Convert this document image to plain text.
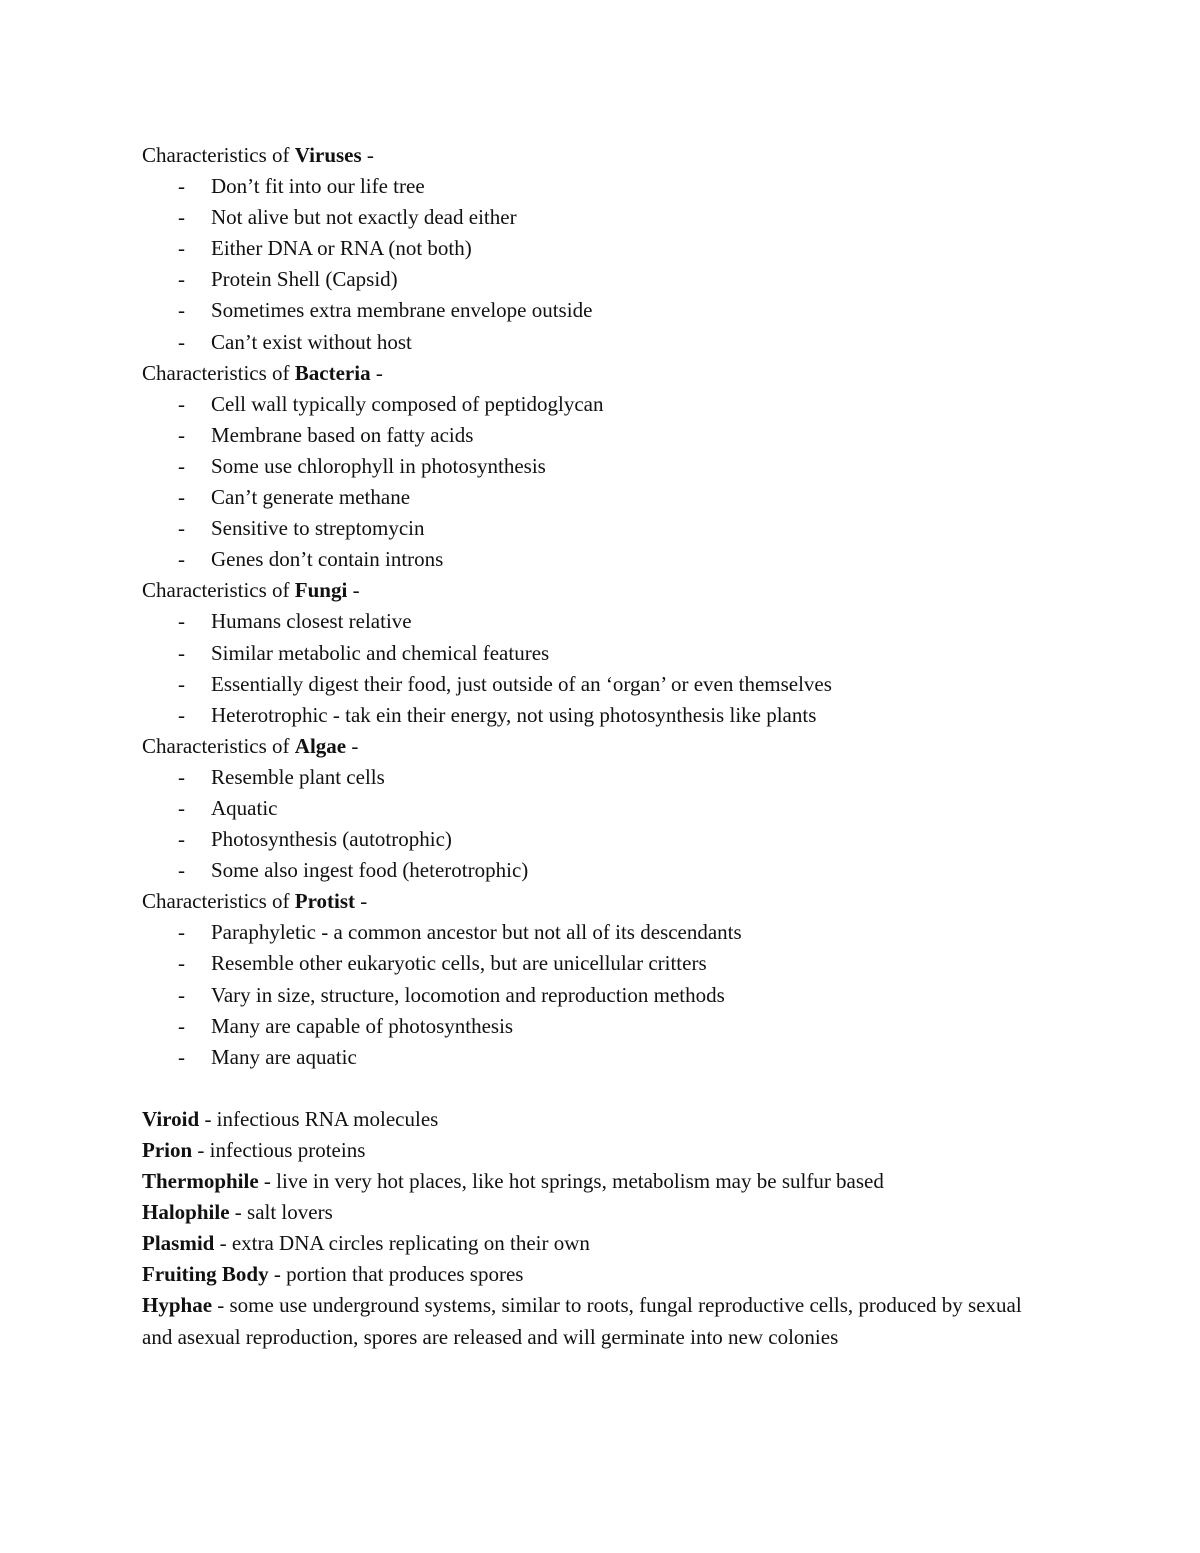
Characteristics of Viruses -
- Don’t fit into our life tree
- Not alive but not exactly dead either
- Either DNA or RNA (not both)
- Protein Shell (Capsid)
- Sometimes extra membrane envelope outside
- Can’t exist without host
Characteristics of Bacteria -
- Cell wall typically composed of peptidoglycan
- Membrane based on fatty acids
- Some use chlorophyll in photosynthesis
- Can’t generate methane
- Sensitive to streptomycin
- Genes don’t contain introns
Characteristics of Fungi -
- Humans closest relative
- Similar metabolic and chemical features
- Essentially digest their food, just outside of an ‘organ’ or even themselves
- Heterotrophic - tak ein their energy, not using photosynthesis like plants
Characteristics of Algae -
- Resemble plant cells
- Aquatic
- Photosynthesis (autotrophic)
- Some also ingest food (heterotrophic)
Characteristics of Protist -
- Paraphyletic - a common ancestor but not all of its descendants
- Resemble other eukaryotic cells, but are unicellular critters
- Vary in size, structure, locomotion and reproduction methods
- Many are capable of photosynthesis
- Many are aquatic
Viroid - infectious RNA molecules
Prion - infectious proteins
Thermophile - live in very hot places, like hot springs, metabolism may be sulfur based
Halophile - salt lovers
Plasmid - extra DNA circles replicating on their own
Fruiting Body - portion that produces spores
Hyphae - some use underground systems, similar to roots, fungal reproductive cells, produced by sexual and asexual reproduction, spores are released and will germinate into new colonies
